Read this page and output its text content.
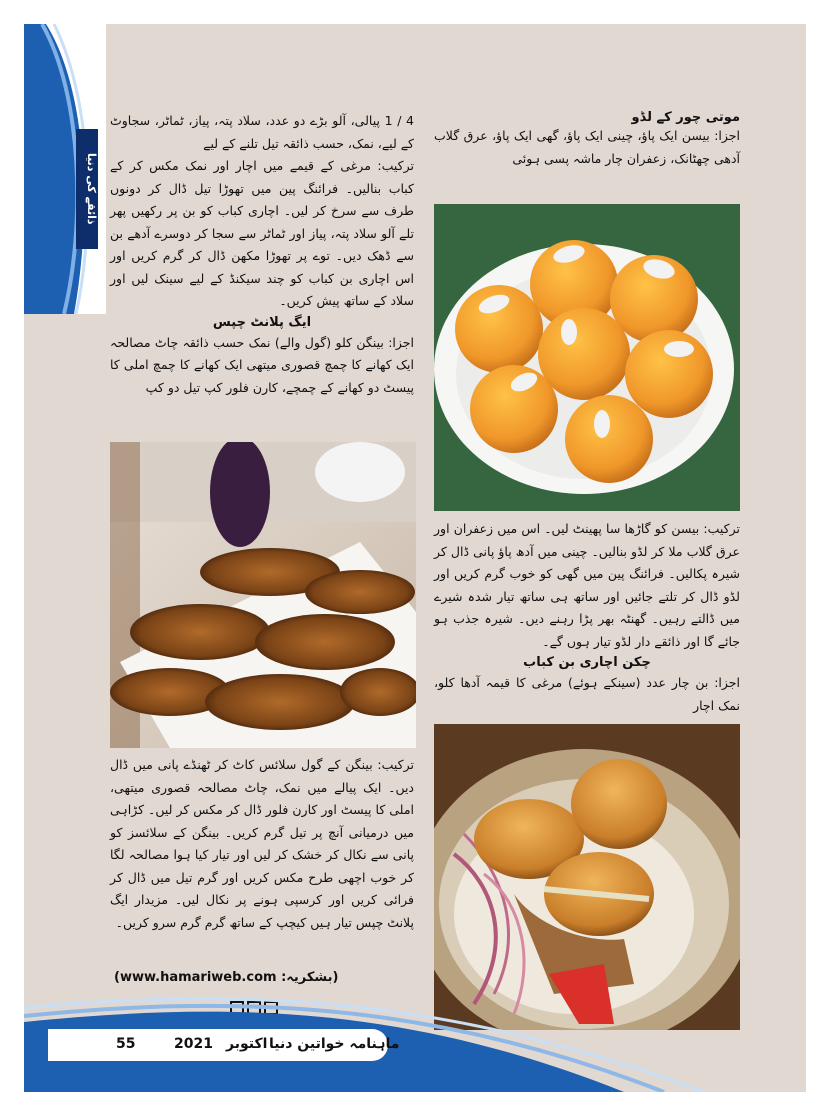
ذائقے کی دنیا

4 / 1 پیالی، آلو بڑے دو عدد، سلاد پتہ، پیاز، ٹماٹر، سجاوٹ کے لیے، نمک، حسب ذائقہ تیل تلنے کے لیے

ترکیب: مرغی کے قیمے میں اچار اور نمک مکس کر کے کباب بنالیں۔ فرائنگ پین میں تھوڑا تیل ڈال کر دونوں طرف سے سرخ کر لیں۔ اچاری کباب کو بن پر رکھیں پھر تلے آلو سلاد پتہ، پیاز اور ٹماٹر سے سجا کر دوسرے آدھے بن سے ڈھک دیں۔ توے پر تھوڑا مکھن ڈال کر گرم کریں اور اس اچاری بن کباب کو چند سیکنڈ کے لیے سینک لیں اور سلاد کے ساتھ پیش کریں۔

ایگ پلانٹ چپس

اجزا: بینگن کلو (گول والے) نمک حسب ذائقہ چاٹ مصالحہ ایک کھانے کا چمچ قصوری میتھی ایک کھانے کا چمچ املی کا پیسٹ دو کھانے کے چمچے، کارن فلور کپ تیل دو کپ

ترکیب: بینگن کے گول سلائس کاٹ کر ٹھنڈے پانی میں ڈال دیں۔ ایک پیالے میں نمک، چاٹ مصالحہ قصوری میتھی، املی کا پیسٹ اور کارن فلور ڈال کر مکس کر لیں۔ کڑاہی میں درمیانی آنچ پر تیل گرم کریں۔ بینگن کے سلائسز کو پانی سے نکال کر خشک کر لیں اور تیار کیا ہوا مصالحہ لگا کر خوب اچھی طرح مکس کریں اور گرم تیل میں ڈال کر فرائی کریں اور کرسپی ہونے پر نکال لیں۔ مزیدار ایگ پلانٹ چپس تیار ہیں کیچپ کے ساتھ گرم گرم سرو کریں۔

(بشکریہ: www.hamariweb.com)

موتی چور کے لڈو

اجزا: بیسن ایک پاؤ، چینی ایک پاؤ، گھی ایک پاؤ، عرق گلاب آدھی چھٹانک، زعفران چار ماشہ پسی ہوئی

ترکیب: بیسن کو گاڑھا سا پھینٹ لیں۔ اس میں زعفران اور عرق گلاب ملا کر لڈو بنالیں۔ چینی میں آدھ پاؤ پانی ڈال کر شیرہ پکالیں۔ فرائنگ پین میں گھی کو خوب گرم کریں اور لڈو ڈال کر تلتے جائیں اور ساتھ ہی ساتھ تیار شدہ شیرے میں ڈالتے رہیں۔ گھنٹہ بھر پڑا رہنے دیں۔ شیرہ جذب ہو جائے گا اور ذائقے دار لڈو تیار ہوں گے۔

چکن اچاری بن کباب

اجزا: بن چار عدد (سینکے ہوئے) مرغی کا قیمہ آدھا کلو، نمک اچار

55	2021 اکتوبر ماہنامہ خواتین دنیا
